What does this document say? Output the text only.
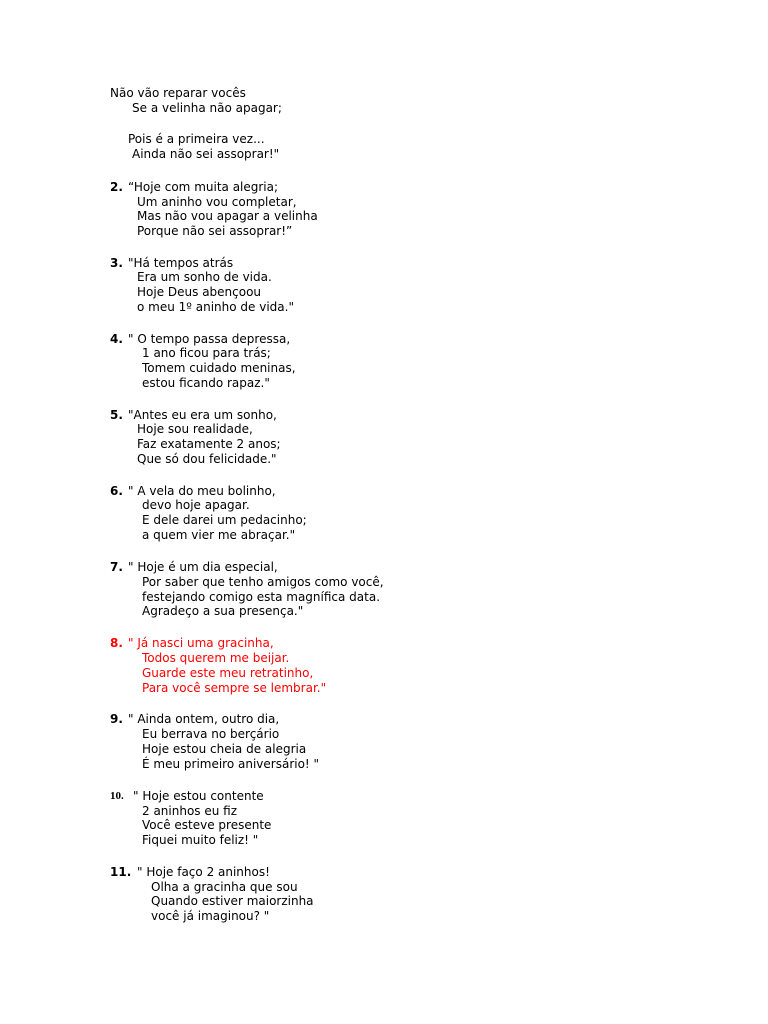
Não vão reparar vocês
Se a velinha não apagar;
Pois é a primeira vez...
Ainda não sei assoprar!"
2. “Hoje com muita alegria;
Um aninho vou completar,
Mas não vou apagar a velinha
Porque não sei assoprar!”
3. "Há tempos atrás
Era um sonho de vida.
Hoje Deus abençoou
o meu 1º aninho de vida."
4. " O tempo passa depressa,
1 ano ficou para trás;
Tomem cuidado meninas,
estou ficando rapaz."
5. "Antes eu era um sonho,
Hoje sou realidade,
Faz exatamente 2 anos;
Que só dou felicidade."
6. " A vela do meu bolinho,
devo hoje apagar.
E dele darei um pedacinho;
a quem vier me abraçar."
7. " Hoje é um dia especial,
Por saber que tenho amigos como você,
festejando comigo esta magnífica data.
Agradeço a sua presença."
8. " Já nasci uma gracinha,
Todos querem me beijar.
Guarde este meu retratinho,
Para você sempre se lembrar."
9. " Ainda ontem, outro dia,
Eu berrava no berçário
Hoje estou cheia de alegria
É meu primeiro aniversário! "
10. " Hoje estou contente
2 aninhos eu fiz
Você esteve presente
Fiquei muito feliz! "
11. " Hoje faço 2 aninhos!
Olha a gracinha que sou
Quando estiver maiorzinha
você já imaginou? "
